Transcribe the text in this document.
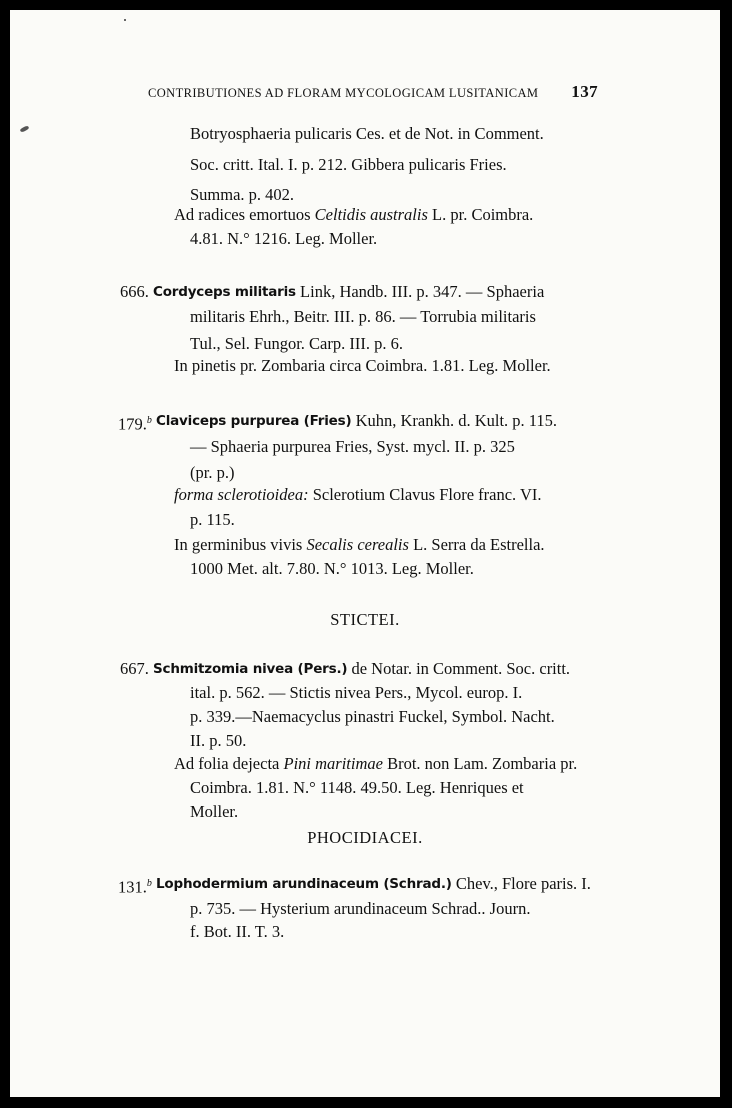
CONTRIBUTIONES AD FLORAM MYCOLOGICAM LUSITANICAM 137
Botryosphaeria pulicaris Ces. et de Not. in Comment.
Soc. critt. Ital. I. p. 212. Gibbera pulicaris Fries.
Summa. p. 402.
Ad radices emortuos
Celtidis australis
L. pr. Coimbra.
4.81. N.° 1216. Leg. Moller.
666.
Cordyceps militaris
Link, Handb. III. p. 347. — Sphaeria
militaris Ehrh., Beitr. III. p. 86. — Torrubia militaris
Tul., Sel. Fungor. Carp. III. p. 6.
In pinetis pr. Zombaria circa Coimbra. 1.81. Leg. Moller.
179.$^b$
Claviceps purpurea (Fries)
Kuhn, Krankh. d. Kult. p. 115.
— Sphaeria purpurea Fries, Syst. mycl. II. p. 325
(pr. p.)
forma sclerotioidea:
Sclerotium Clavus Flore franc. VI.
p. 115.
In germinibus vivis
Secalis cerealis
L. Serra da Estrella.
1000 Met. alt. 7.80. N.° 1013. Leg. Moller.
STICTEI.
667.
Schmitzomia nivea (Pers.)
de Notar. in Comment. Soc. critt.
ital. p. 562. — Stictis nivea Pers., Mycol. europ. I.
p. 339.—Naemacyclus pinastri Fuckel, Symbol. Nacht.
II. p. 50.
Ad folia dejecta
Pini maritimae
Brot. non Lam. Zombaria pr.
Coimbra. 1.81. N.° 1148. 49.50. Leg. Henriques et
Moller.
PHOCIDIACEI.
131.$^b$
Lophodermium arundinaceum (Schrad.)
Chev., Flore paris. I.
p. 735. — Hysterium arundinaceum Schrad.. Journ.
f. Bot. II. T. 3.
